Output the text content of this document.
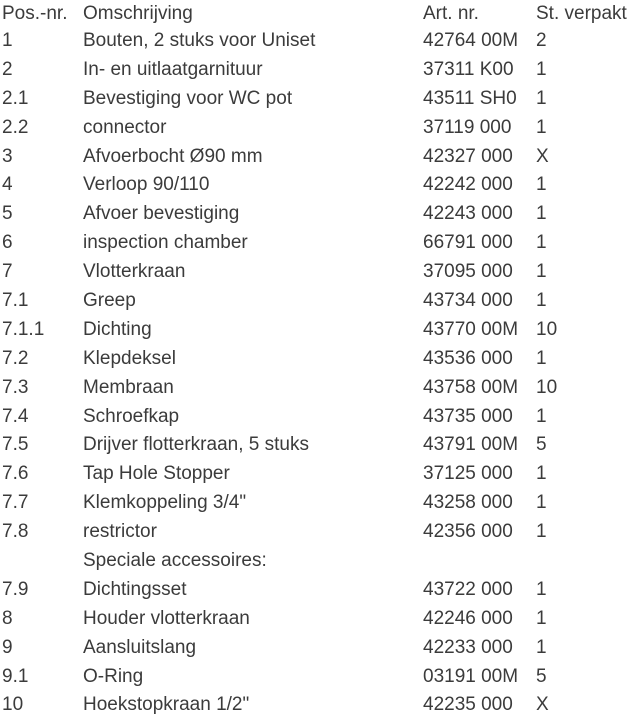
Pos.-nr. Omschrijving	Art. nr.	St. verpakt
1	Bouten, 2 stuks voor Uniset	42764 00M 2
2	In- en uitlaatgarnituur	37311 K00 1
2.1	Bevestiging voor WC pot	43511 SH0 1
2.2	connector	37119 000 1
3	Afvoerbocht Ø90 mm	42327 000 X
4	Verloop 90/110	42242 000 1
5	Afvoer bevestiging	42243 000 1
6	inspection chamber	66791 000 1
7	Vlotterkraan	37095 000 1
7.1	Greep	43734 000 1
7.1.1 Dichting	43770 00M 10
7.2	Klepdeksel	43536 000 1
7.3	Membraan	43758 00M 10
7.4	Schroefkap	43735 000 1
7.5	Drijver flotterkraan, 5 stuks	43791 00M 5
7.6	Tap Hole Stopper	37125 000 1
7.7	Klemkoppeling 3/4"	43258 000 1
7.8	restrictor	42356 000 1
Speciale accessoires:
7.9	Dichtingsset	43722 000 1
8	Houder vlotterkraan	42246 000 1
9	Aansluitslang	42233 000 1
9.1	O-Ring	03191 00M 5
10	Hoekstopkraan 1/2"	42235 000 X
